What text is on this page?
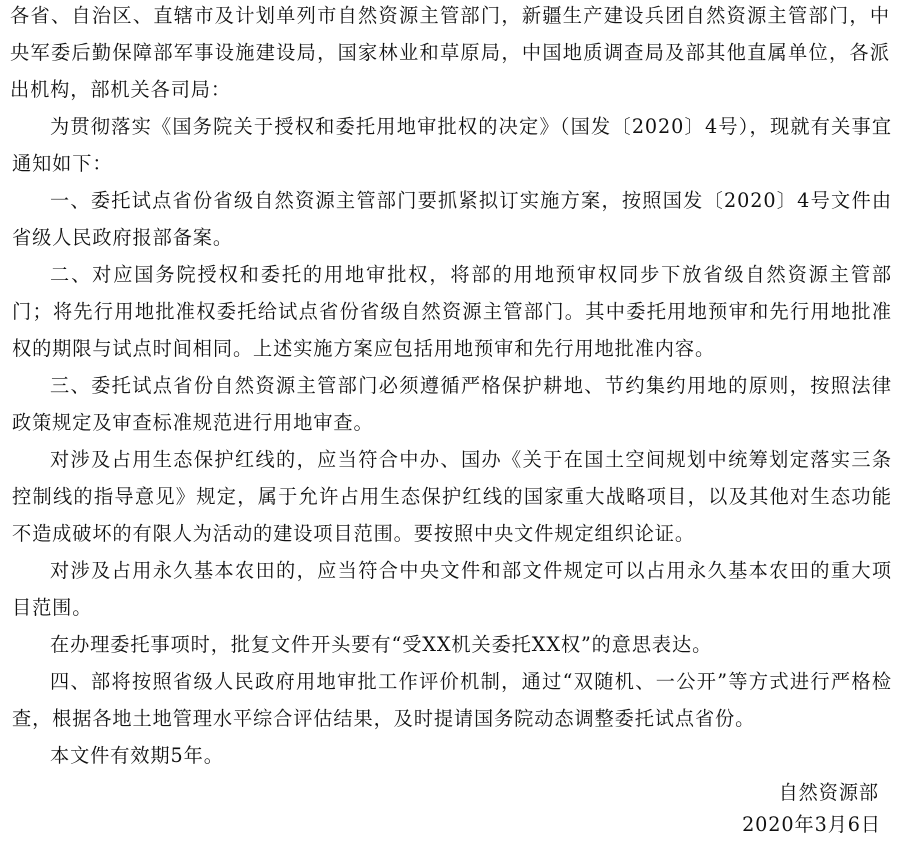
各省、自治区、直辖市及计划单列市自然资源主管部门，新疆生产建设兵团自然资源主管部门，中央军委后勤保障部军事设施建设局，国家林业和草原局，中国地质调查局及部其他直属单位，各派出机构，部机关各司局：

为贯彻落实《国务院关于授权和委托用地审批权的决定》（国发〔2020〕4号），现就有关事宜通知如下：

一、委托试点省份省级自然资源主管部门要抓紧拟订实施方案，按照国发〔2020〕4号文件由省级人民政府报部备案。

二、对应国务院授权和委托的用地审批权，将部的用地预审权同步下放省级自然资源主管部门；将先行用地批准权委托给试点省份省级自然资源主管部门。其中委托用地预审和先行用地批准权的期限与试点时间相同。上述实施方案应包括用地预审和先行用地批准内容。

三、委托试点省份自然资源主管部门必须遵循严格保护耕地、节约集约用地的原则，按照法律政策规定及审查标准规范进行用地审查。

对涉及占用生态保护红线的，应当符合中办、国办《关于在国土空间规划中统筹划定落实三条控制线的指导意见》规定，属于允许占用生态保护红线的国家重大战略项目，以及其他对生态功能不造成破坏的有限人为活动的建设项目范围。要按照中央文件规定组织论证。

对涉及占用永久基本农田的，应当符合中央文件和部文件规定可以占用永久基本农田的重大项目范围。

在办理委托事项时，批复文件开头要有“受XX机关委托XX权”的意思表达。

四、部将按照省级人民政府用地审批工作评价机制，通过“双随机、一公开”等方式进行严格检查，根据各地土地管理水平综合评估结果，及时提请国务院动态调整委托试点省份。

本文件有效期5年。

自然资源部

2020年3月6日
